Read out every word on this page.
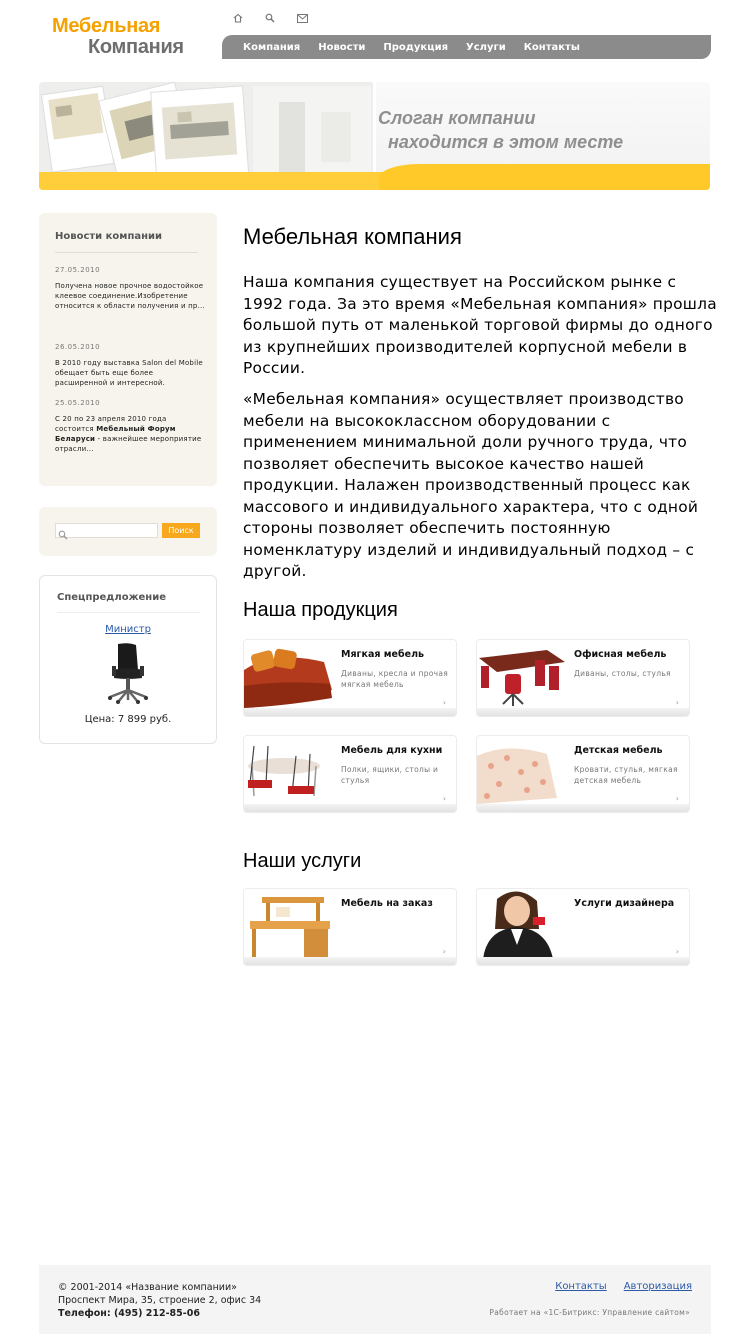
Мебельная
Компания	Компания Новости Продукция Услуги Контакты
Слоган компании
находится в этом месте
Новости компании
27.05.2010
Получена новое прочное водостойкое клеевое соединение.Изобретение относится к области получения и пр...
26.05.2010
В 2010 году выставка Salon del Mobile обещает быть еще более расширенной и интересной.
25.05.2010
С 20 по 23 апреля 2010 года состоится Мебельный Форум Беларуси - важнейшее мероприятие отрасли...
Поиск
Спецпредложение
Министр
Цена: 7 899 руб.
Мебельная компания
Наша компания существует на Российском рынке с 1992 года. За это время «Мебельная компания» прошла большой путь от маленькой торговой фирмы до одного из крупнейших производителей корпусной мебели в России.
«Мебельная компания» осуществляет производство мебели на высококлассном оборудовании с применением минимальной доли ручного труда, что позволяет обеспечить высокое качество нашей продукции. Налажен производственный процесс как массового и индивидуального характера, что с одной стороны позволяет обеспечить постоянную номенклатуру изделий и индивидуальный подход – с другой.
Наша продукция
Мягкая мебель
Диваны, кресла и прочая мягкая мебель
›
Офисная мебель
Диваны, столы, стулья
›
Мебель для кухни
Полки, ящики, столы и стулья
›
Детская мебель
Кровати, стулья, мягкая детская мебель
›
Наши услуги
Мебель на заказ
›
Услуги дизайнера
›
© 2001-2014 «Название компании»
Проспект Мира, 35, строение 2, офис 34
Телефон: (495) 212-85-06
Контакты Авторизация
Работает на «1С-Битрикс: Управление сайтом»
